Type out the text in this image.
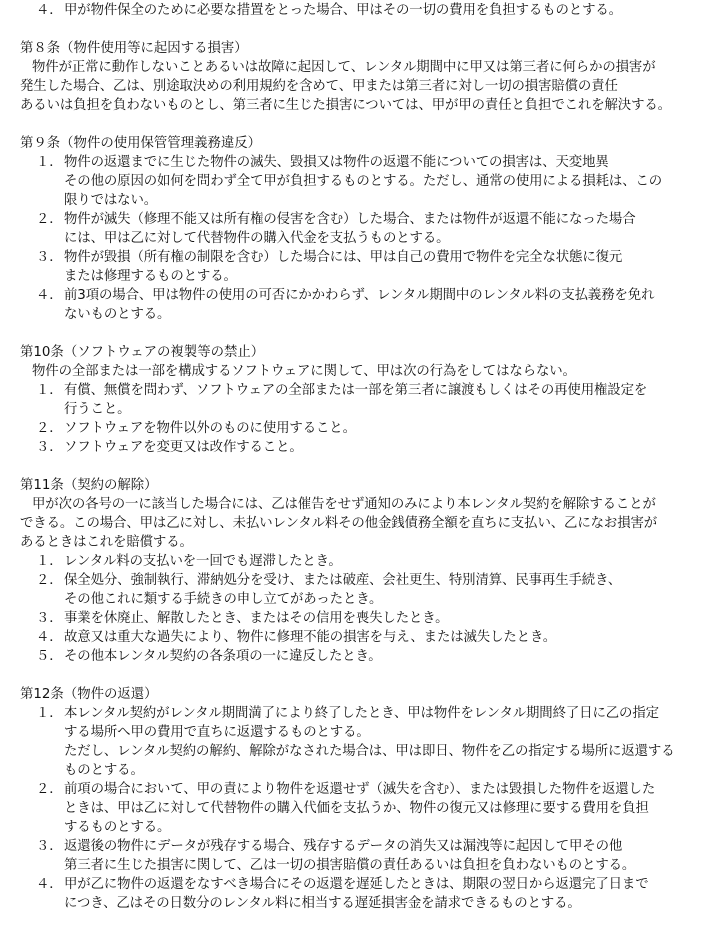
４． 甲が物件保全のために必要な措置をとった場合、甲はその一切の費用を負担するものとする。
第８条（物件使用等に起因する損害）
物件が正常に動作しないことあるいは故障に起因して、レンタル期間中に甲又は第三者に何らかの損害が
発生した場合、乙は、別途取決めの利用規約を含めて、甲または第三者に対し一切の損害賠償の責任
あるいは負担を負わないものとし、第三者に生じた損害については、甲が甲の責任と負担でこれを解決する。
第９条（物件の使用保管管理義務違反）
１． 物件の返還までに生じた物件の滅失、毀損又は物件の返還不能についての損害は、天変地異
その他の原因の如何を問わず全て甲が負担するものとする。ただし、通常の使用による損耗は、この
限りではない。
２． 物件が滅失（修理不能又は所有権の侵害を含む）した場合、または物件が返還不能になった場合
には、甲は乙に対して代替物件の購入代金を支払うものとする。
３． 物件が毀損（所有権の制限を含む）した場合には、甲は自己の費用で物件を完全な状態に復元
または修理するものとする。
４． 前3項の場合、甲は物件の使用の可否にかかわらず、レンタル期間中のレンタル料の支払義務を免れ
ないものとする。
第10条（ソフトウェアの複製等の禁止）
物件の全部または一部を構成するソフトウェアに関して、甲は次の行為をしてはならない。
１． 有償、無償を問わず、ソフトウェアの全部または一部を第三者に譲渡もしくはその再使用権設定を
行うこと。
２． ソフトウェアを物件以外のものに使用すること。
３． ソフトウェアを変更又は改作すること。
第11条（契約の解除）
甲が次の各号の一に該当した場合には、乙は催告をせず通知のみにより本レンタル契約を解除することが
できる。この場合、甲は乙に対し、未払いレンタル料その他金銭債務全額を直ちに支払い、乙になお損害が
あるときはこれを賠償する。
１． レンタル料の支払いを一回でも遅滞したとき。
２． 保全処分、強制執行、滞納処分を受け、または破産、会社更生、特別清算、民事再生手続き、
その他これに類する手続きの申し立てがあったとき。
３． 事業を休廃止、解散したとき、またはその信用を喪失したとき。
４． 故意又は重大な過失により、物件に修理不能の損害を与え、または滅失したとき。
５． その他本レンタル契約の各条項の一に違反したとき。
第12条（物件の返還）
１． 本レンタル契約がレンタル期間満了により終了したとき、甲は物件をレンタル期間終了日に乙の指定
する場所へ甲の費用で直ちに返還するものとする。
ただし、レンタル契約の解約、解除がなされた場合は、甲は即日、物件を乙の指定する場所に返還する
ものとする。
２． 前項の場合において、甲の責により物件を返還せず（滅失を含む）、または毀損した物件を返還した
ときは、甲は乙に対して代替物件の購入代価を支払うか、物件の復元又は修理に要する費用を負担
するものとする。
３． 返還後の物件にデータが残存する場合、残存するデータの消失又は漏洩等に起因して甲その他
第三者に生じた損害に関して、乙は一切の損害賠償の責任あるいは負担を負わないものとする。
４． 甲が乙に物件の返還をなすべき場合にその返還を遅延したときは、期限の翌日から返還完了日まで
につき、乙はその日数分のレンタル料に相当する遅延損害金を請求できるものとする。
